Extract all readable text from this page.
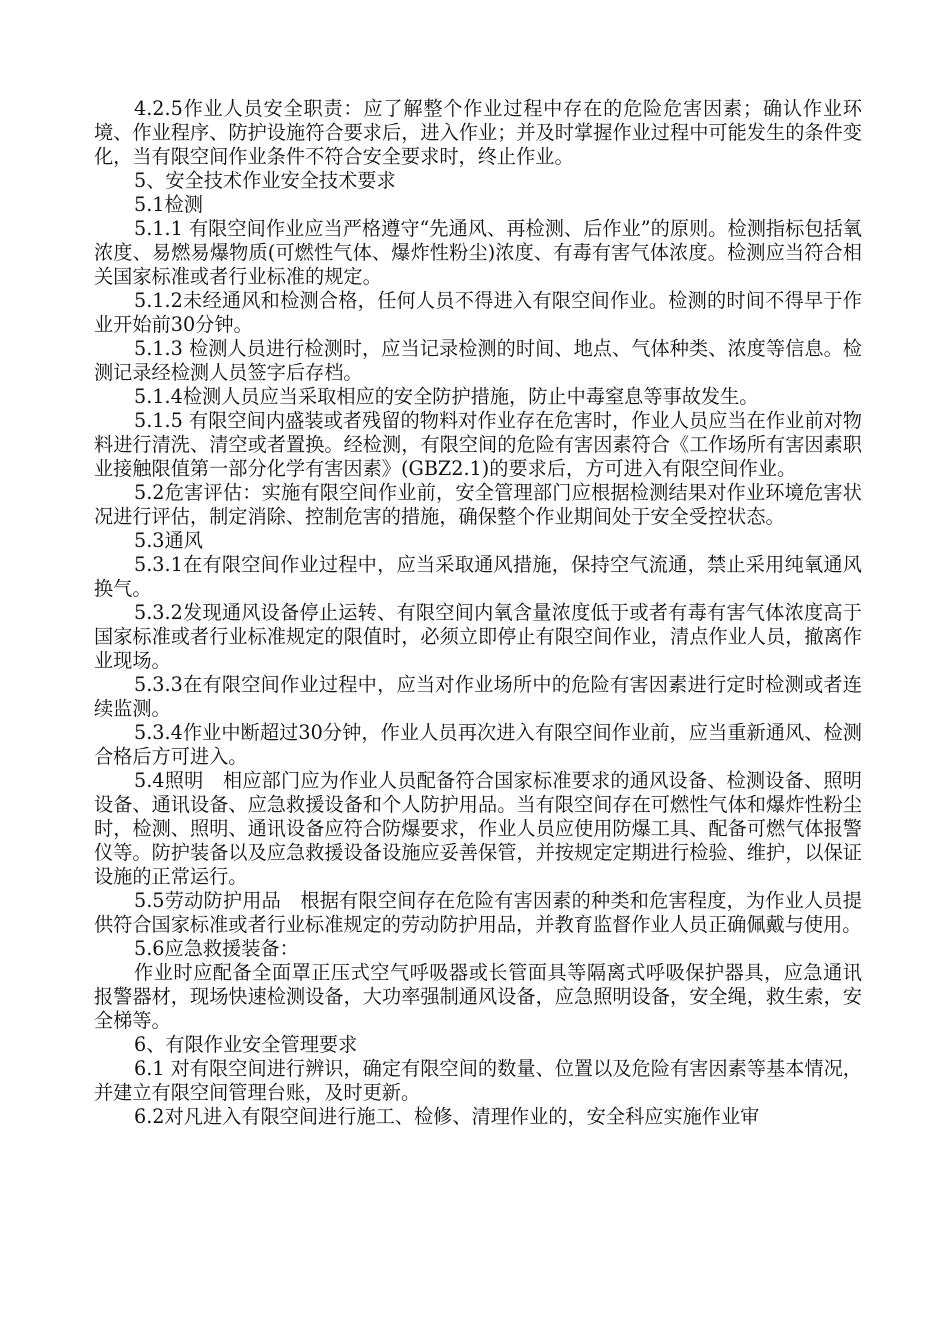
4.2.5作业人员安全职责：应了解整个作业过程中存在的危险危害因素；确认作业环境、作业程序、防护设施符合要求后，进入作业；并及时掌握作业过程中可能发生的条件变化，当有限空间作业条件不符合安全要求时，终止作业。

5、安全技术作业安全技术要求

5.1检测

5.1.1 有限空间作业应当严格遵守“先通风、再检测、后作业”的原则。检测指标包括氧浓度、易燃易爆物质(可燃性气体、爆炸性粉尘)浓度、有毒有害气体浓度。检测应当符合相关国家标准或者行业标准的规定。

5.1.2未经通风和检测合格，任何人员不得进入有限空间作业。检测的时间不得早于作业开始前30分钟。

5.1.3 检测人员进行检测时，应当记录检测的时间、地点、气体种类、浓度等信息。检测记录经检测人员签字后存档。

5.1.4检测人员应当采取相应的安全防护措施，防止中毒窒息等事故发生。

5.1.5 有限空间内盛装或者残留的物料对作业存在危害时，作业人员应当在作业前对物料进行清洗、清空或者置换。经检测，有限空间的危险有害因素符合《工作场所有害因素职业接触限值第一部分化学有害因素》(GBZ2.1)的要求后，方可进入有限空间作业。

5.2危害评估：实施有限空间作业前，安全管理部门应根据检测结果对作业环境危害状况进行评估，制定消除、控制危害的措施，确保整个作业期间处于安全受控状态。

5.3通风

5.3.1在有限空间作业过程中，应当采取通风措施，保持空气流通，禁止采用纯氧通风换气。

5.3.2发现通风设备停止运转、有限空间内氧含量浓度低于或者有毒有害气体浓度高于国家标准或者行业标准规定的限值时，必须立即停止有限空间作业，清点作业人员，撤离作业现场。

5.3.3在有限空间作业过程中，应当对作业场所中的危险有害因素进行定时检测或者连续监测。

5.3.4作业中断超过30分钟，作业人员再次进入有限空间作业前，应当重新通风、检测合格后方可进入。

5.4照明　相应部门应为作业人员配备符合国家标准要求的通风设备、检测设备、照明设备、通讯设备、应急救援设备和个人防护用品。当有限空间存在可燃性气体和爆炸性粉尘时，检测、照明、通讯设备应符合防爆要求，作业人员应使用防爆工具、配备可燃气体报警仪等。防护装备以及应急救援设备设施应妥善保管，并按规定定期进行检验、维护，以保证设施的正常运行。

5.5劳动防护用品　根据有限空间存在危险有害因素的种类和危害程度，为作业人员提供符合国家标准或者行业标准规定的劳动防护用品，并教育监督作业人员正确佩戴与使用。

5.6应急救援装备：

作业时应配备全面罩正压式空气呼吸器或长管面具等隔离式呼吸保护器具，应急通讯报警器材，现场快速检测设备，大功率强制通风设备，应急照明设备，安全绳，救生索，安全梯等。

6、有限作业安全管理要求

6.1 对有限空间进行辨识，确定有限空间的数量、位置以及危险有害因素等基本情况，并建立有限空间管理台账，及时更新。

6.2对凡进入有限空间进行施工、检修、清理作业的，安全科应实施作业审
